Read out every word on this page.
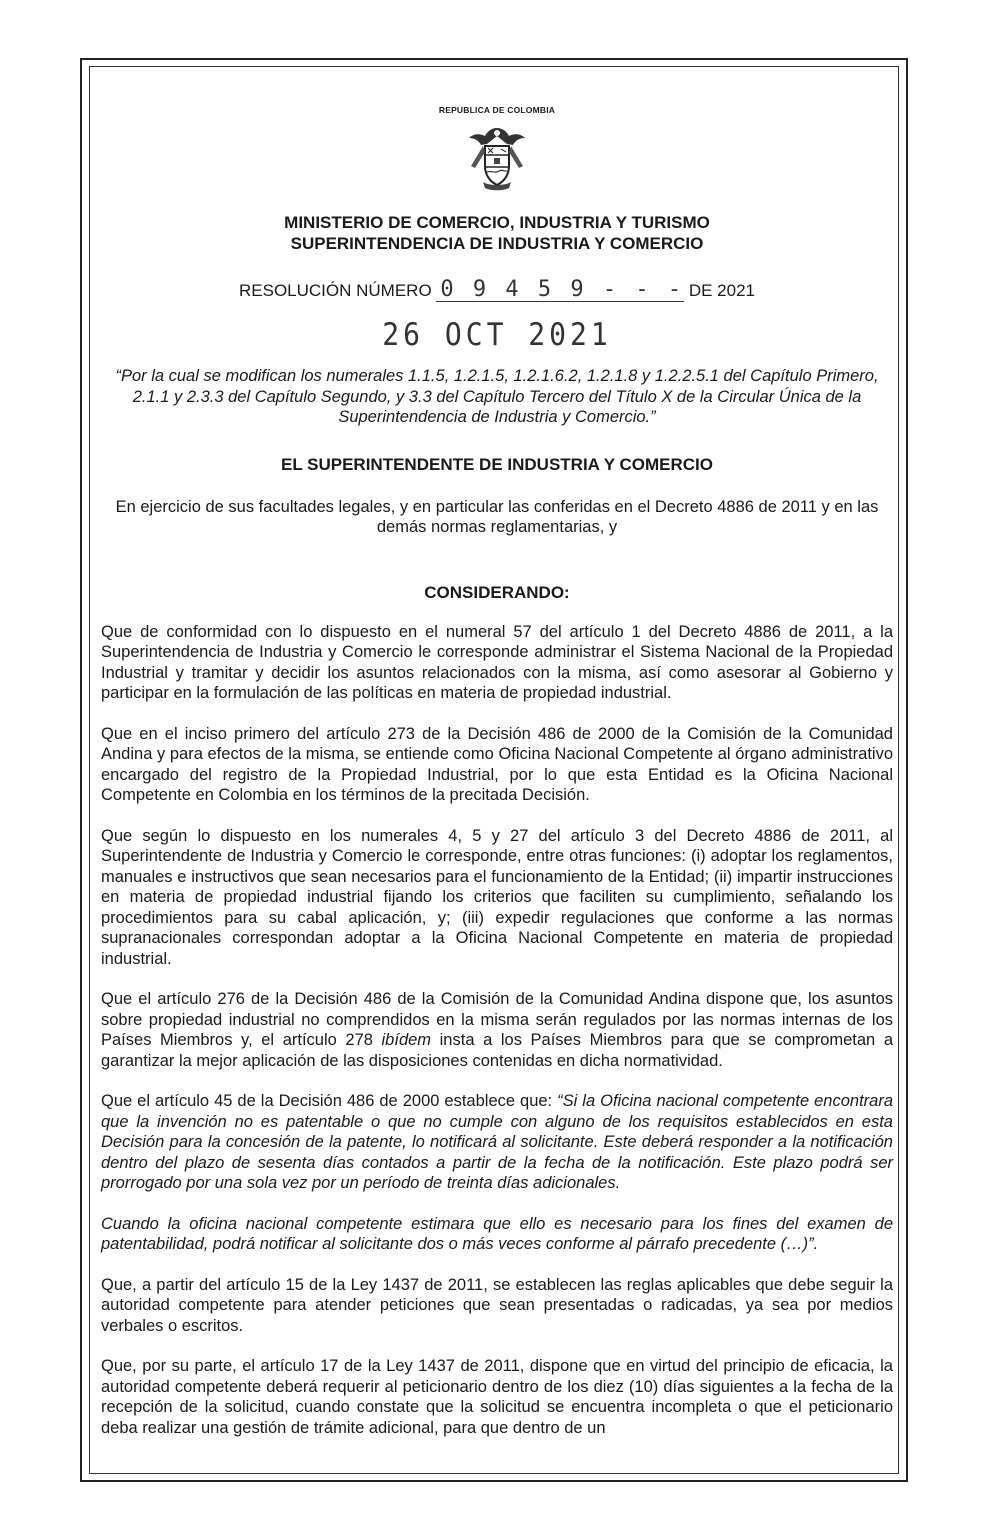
REPUBLICA DE COLOMBIA

MINISTERIO DE COMERCIO, INDUSTRIA Y TURISMO
SUPERINTENDENCIA DE INDUSTRIA Y COMERCIO

RESOLUCIÓN NÚMERO 0 9 4 5 9 - - - DE 2021
26 OCT 2021

“Por la cual se modifican los numerales 1.1.5, 1.2.1.5, 1.2.1.6.2, 1.2.1.8 y 1.2.2.5.1 del Capítulo Primero, 2.1.1 y 2.3.3 del Capítulo Segundo, y 3.3 del Capítulo Tercero del Título X de la Circular Única de la Superintendencia de Industria y Comercio.”

EL SUPERINTENDENTE DE INDUSTRIA Y COMERCIO

En ejercicio de sus facultades legales, y en particular las conferidas en el Decreto 4886 de 2011 y en las demás normas reglamentarias, y

CONSIDERANDO:

Que de conformidad con lo dispuesto en el numeral 57 del artículo 1 del Decreto 4886 de 2011, a la Superintendencia de Industria y Comercio le corresponde administrar el Sistema Nacional de la Propiedad Industrial y tramitar y decidir los asuntos relacionados con la misma, así como asesorar al Gobierno y participar en la formulación de las políticas en materia de propiedad industrial.

Que en el inciso primero del artículo 273 de la Decisión 486 de 2000 de la Comisión de la Comunidad Andina y para efectos de la misma, se entiende como Oficina Nacional Competente al órgano administrativo encargado del registro de la Propiedad Industrial, por lo que esta Entidad es la Oficina Nacional Competente en Colombia en los términos de la precitada Decisión.

Que según lo dispuesto en los numerales 4, 5 y 27 del artículo 3 del Decreto 4886 de 2011, al Superintendente de Industria y Comercio le corresponde, entre otras funciones: (i) adoptar los reglamentos, manuales e instructivos que sean necesarios para el funcionamiento de la Entidad; (ii) impartir instrucciones en materia de propiedad industrial fijando los criterios que faciliten su cumplimiento, señalando los procedimientos para su cabal aplicación, y; (iii) expedir regulaciones que conforme a las normas supranacionales correspondan adoptar a la Oficina Nacional Competente en materia de propiedad industrial.

Que el artículo 276 de la Decisión 486 de la Comisión de la Comunidad Andina dispone que, los asuntos sobre propiedad industrial no comprendidos en la misma serán regulados por las normas internas de los Países Miembros y, el artículo 278 ibídem insta a los Países Miembros para que se comprometan a garantizar la mejor aplicación de las disposiciones contenidas en dicha normatividad.

Que el artículo 45 de la Decisión 486 de 2000 establece que: “Si la Oficina nacional competente encontrara que la invención no es patentable o que no cumple con alguno de los requisitos establecidos en esta Decisión para la concesión de la patente, lo notificará al solicitante. Este deberá responder a la notificación dentro del plazo de sesenta días contados a partir de la fecha de la notificación. Este plazo podrá ser prorrogado por una sola vez por un período de treinta días adicionales.

Cuando la oficina nacional competente estimara que ello es necesario para los fines del examen de patentabilidad, podrá notificar al solicitante dos o más veces conforme al párrafo precedente (…)”.

Que, a partir del artículo 15 de la Ley 1437 de 2011, se establecen las reglas aplicables que debe seguir la autoridad competente para atender peticiones que sean presentadas o radicadas, ya sea por medios verbales o escritos.

Que, por su parte, el artículo 17 de la Ley 1437 de 2011, dispone que en virtud del principio de eficacia, la autoridad competente deberá requerir al peticionario dentro de los diez (10) días siguientes a la fecha de la recepción de la solicitud, cuando constate que la solicitud se encuentra incompleta o que el peticionario deba realizar una gestión de trámite adicional, para que dentro de un
